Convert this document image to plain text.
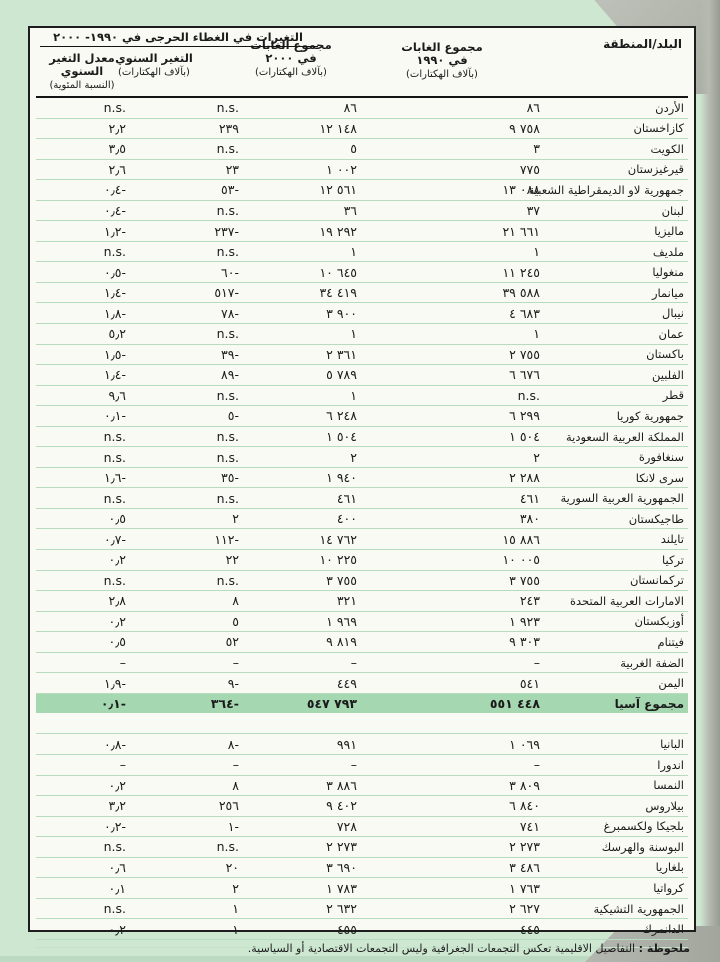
البلد/المنطقة
مجموع الغابات
في ١٩٩٠
(بآلاف الهكتارات)
مجموع الغابات
في ٢٠٠٠
(بآلاف الهكتارات)
التغيرات في الغطاء الحرجى في ١٩٩٠- ٢٠٠٠
التغير السنوي
(بآلاف الهكتارات)
معدل التغير
السنوي
(النسبة المئوية)
الأردن
٨٦
٨٦
n.s.
n.s.
كازاخستان
٩ ٧٥٨
١٢ ١٤٨
٢٣٩
٢٫٢
الكويت
٣
٥
n.s.
٣٫٥
قيرغيزستان
٧٧٥
١ ٠٠٢
٢٣
٢٫٦
جمهورية لاو الديمقراطية الشعبية
١٣ ٠٨٨
١٢ ٥٦١
٥٣-
٠٫٤-
لبنان
٣٧
٣٦
n.s.
٠٫٤-
ماليزيا
٢١ ٦٦١
١٩ ٢٩٢
٢٣٧-
١٫٢-
ملديف
١
١
n.s.
n.s.
منغوليا
١١ ٢٤٥
١٠ ٦٤٥
٦٠-
٠٫٥-
ميانمار
٣٩ ٥٨٨
٣٤ ٤١٩
٥١٧-
١٫٤-
نيبال
٤ ٦٨٣
٣ ٩٠٠
٧٨-
١٫٨-
عمان
١
١
n.s.
٥٫٢
باكستان
٢ ٧٥٥
٢ ٣٦١
٣٩-
١٫٥-
الفلبين
٦ ٦٧٦
٥ ٧٨٩
٨٩-
١٫٤-
قطر
n.s.
١
n.s.
٩٫٦
جمهورية كوريا
٦ ٢٩٩
٦ ٢٤٨
٥-
٠٫١-
المملكة العربية السعودية
١ ٥٠٤
١ ٥٠٤
n.s.
n.s.
سنغافورة
٢
٢
n.s.
n.s.
سرى لانكا
٢ ٢٨٨
١ ٩٤٠
٣٥-
١٫٦-
الجمهورية العربية السورية
٤٦١
٤٦١
n.s.
n.s.
طاجيكستان
٣٨٠
٤٠٠
٢
٠٫٥
تايلند
١٥ ٨٨٦
١٤ ٧٦٢
١١٢-
٠٫٧-
تركيا
١٠ ٠٠٥
١٠ ٢٢٥
٢٢
٠٫٢
تركمانستان
٣ ٧٥٥
٣ ٧٥٥
n.s.
n.s.
الامارات العربية المتحدة
٢٤٣
٣٢١
٨
٢٫٨
أوزبكستان
١ ٩٢٣
١ ٩٦٩
٥
٠٫٢
فيتنام
٩ ٣٠٣
٩ ٨١٩
٥٢
٠٫٥
الضفة الغربية
–
–
–
–
اليمن
٥٤١
٤٤٩
٩-
١٫٩-
مجموع آسيا
٥٥١ ٤٤٨
٥٤٧ ٧٩٣
٣٦٤-
٠٫١-
البانيا
١ ٠٦٩
٩٩١
٨-
٠٫٨-
اندورا
–
–
–
–
النمسا
٣ ٨٠٩
٣ ٨٨٦
٨
٠٫٢
بيلاروس
٦ ٨٤٠
٩ ٤٠٢
٢٥٦
٣٫٢
بلجيكا ولكسمبرغ
٧٤١
٧٢٨
١-
٠٫٢-
البوسنة والهرسك
٢ ٢٧٣
٢ ٢٧٣
n.s.
n.s.
بلغاريا
٣ ٤٨٦
٣ ٦٩٠
٢٠
٠٫٦
كرواتيا
١ ٧٦٣
١ ٧٨٣
٢
٠٫١
الجمهورية التشيكية
٢ ٦٢٧
٢ ٦٣٢
١
n.s.
الدانمرك
٤٤٥
٤٥٥
١
٠٫٢
ملحوظة : التفاصيل الاقليمية تعكس التجمعات الجغرافية وليس التجمعات الاقتصادية أو السياسية.
